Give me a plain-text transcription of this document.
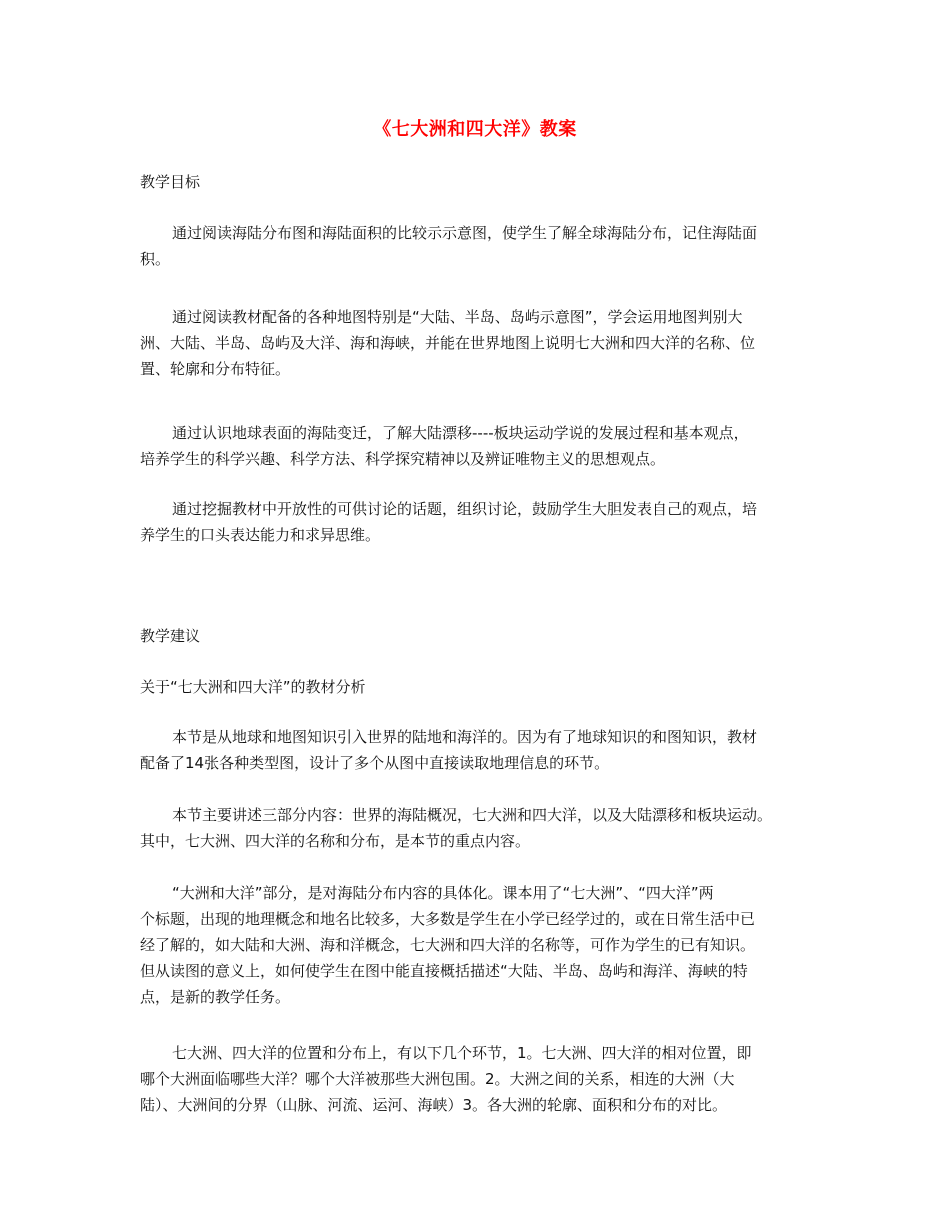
《七大洲和四大洋》教案
教学目标
通过阅读海陆分布图和海陆面积的比较示示意图，使学生了解全球海陆分布，记住海陆面
积。
通过阅读教材配备的各种地图特别是“大陆、半岛、岛屿示意图”，学会运用地图判别大
洲、大陆、半岛、岛屿及大洋、海和海峡，并能在世界地图上说明七大洲和四大洋的名称、位
置、轮廓和分布特征。
通过认识地球表面的海陆变迁，了解大陆漂移----板块运动学说的发展过程和基本观点，
培养学生的科学兴趣、科学方法、科学探究精神以及辨证唯物主义的思想观点。
通过挖掘教材中开放性的可供讨论的话题，组织讨论，鼓励学生大胆发表自己的观点，培
养学生的口头表达能力和求异思维。
教学建议
关于“七大洲和四大洋”的教材分析
本节是从地球和地图知识引入世界的陆地和海洋的。因为有了地球知识的和图知识，教材
配备了14张各种类型图，设计了多个从图中直接读取地理信息的环节。
本节主要讲述三部分内容：世界的海陆概况，七大洲和四大洋，以及大陆漂移和板块运动。
其中，七大洲、四大洋的名称和分布，是本节的重点内容。
“大洲和大洋”部分，是对海陆分布内容的具体化。课本用了“七大洲”、“四大洋”两
个标题，出现的地理概念和地名比较多，大多数是学生在小学已经学过的，或在日常生活中已
经了解的，如大陆和大洲、海和洋概念，七大洲和四大洋的名称等，可作为学生的已有知识。
但从读图的意义上，如何使学生在图中能直接概括描述“大陆、半岛、岛屿和海洋、海峡的特
点，是新的教学任务。
七大洲、四大洋的位置和分布上，有以下几个环节，1。七大洲、四大洋的相对位置，即
哪个大洲面临哪些大洋？哪个大洋被那些大洲包围。2。大洲之间的关系，相连的大洲（大
陆）、大洲间的分界（山脉、河流、运河、海峡）3。各大洲的轮廓、面积和分布的对比。
